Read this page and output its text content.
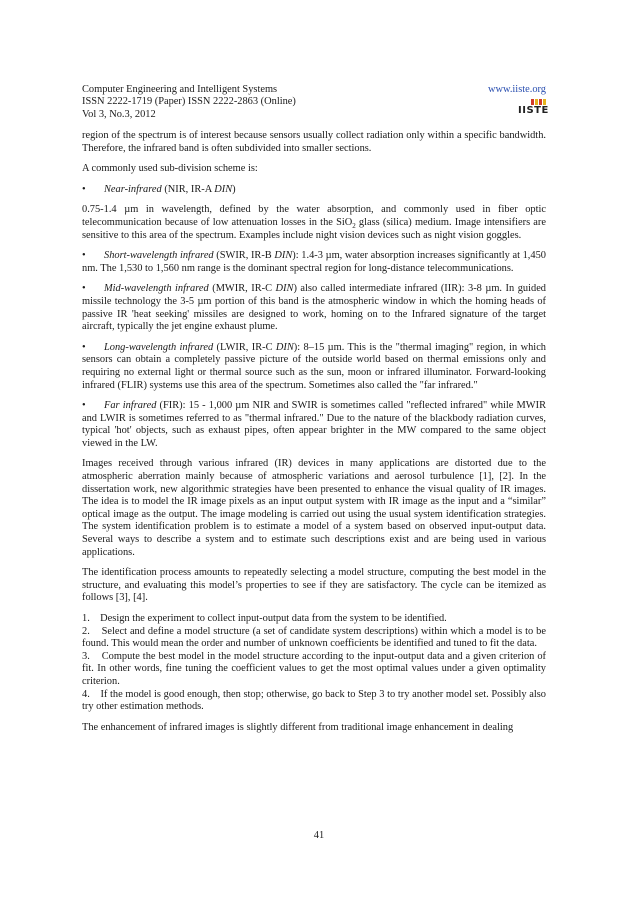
Computer Engineering and Intelligent Systems
ISSN 2222-1719 (Paper) ISSN 2222-2863 (Online)
Vol 3, No.3, 2012
www.iiste.org
IISTE

region of the spectrum is of interest because sensors usually collect radiation only within a specific bandwidth. Therefore, the infrared band is often subdivided into smaller sections.

A commonly used sub-division scheme is:

• Near-infrared (NIR, IR-A DIN)

0.75-1.4 µm in wavelength, defined by the water absorption, and commonly used in fiber optic telecommunication because of low attenuation losses in the SiO$_2$ glass (silica) medium. Image intensifiers are sensitive to this area of the spectrum. Examples include night vision devices such as night vision goggles.

• Short-wavelength infrared (SWIR, IR-B DIN): 1.4-3 µm, water absorption increases significantly at 1,450 nm. The 1,530 to 1,560 nm range is the dominant spectral region for long-distance telecommunications.

• Mid-wavelength infrared (MWIR, IR-C DIN) also called intermediate infrared (IIR): 3-8 µm. In guided missile technology the 3-5 µm portion of this band is the atmospheric window in which the homing heads of passive IR 'heat seeking' missiles are designed to work, homing on to the Infrared signature of the target aircraft, typically the jet engine exhaust plume.

• Long-wavelength infrared (LWIR, IR-C DIN): 8–15 µm. This is the "thermal imaging" region, in which sensors can obtain a completely passive picture of the outside world based on thermal emissions only and requiring no external light or thermal source such as the sun, moon or infrared illuminator. Forward-looking infrared (FLIR) systems use this area of the spectrum. Sometimes also called the "far infrared."

• Far infrared (FIR): 15 - 1,000 µm NIR and SWIR is sometimes called "reflected infrared" while MWIR and LWIR is sometimes referred to as "thermal infrared." Due to the nature of the blackbody radiation curves, typical 'hot' objects, such as exhaust pipes, often appear brighter in the MW compared to the same object viewed in the LW.

Images received through various infrared (IR) devices in many applications are distorted due to the atmospheric aberration mainly because of atmospheric variations and aerosol turbulence [1], [2]. In the dissertation work, new algorithmic strategies have been presented to enhance the visual quality of IR images. The idea is to model the IR image pixels as an input output system with IR image as the input and a “similar” optical image as the output. The image modeling is carried out using the usual system identification strategies. The system identification problem is to estimate a model of a system based on observed input-output data. Several ways to describe a system and to estimate such descriptions exist and are being used in various applications.

The identification process amounts to repeatedly selecting a model structure, computing the best model in the structure, and evaluating this model’s properties to see if they are satisfactory. The cycle can be itemized as follows [3], [4].

1.    Design the experiment to collect input-output data from the system to be identified.

2.    Select and define a model structure (a set of candidate system descriptions) within which a model is to be found. This would mean the order and number of unknown coefficients be identified and tuned to fit the data.

3.    Compute the best model in the model structure according to the input-output data and a given criterion of fit. In other words, fine tuning the coefficient values to get the most optimal values under a given optimality criterion.

4.    If the model is good enough, then stop; otherwise, go back to Step 3 to try another model set. Possibly also try other estimation methods.

The enhancement of infrared images is slightly different from traditional image enhancement in dealing

41
